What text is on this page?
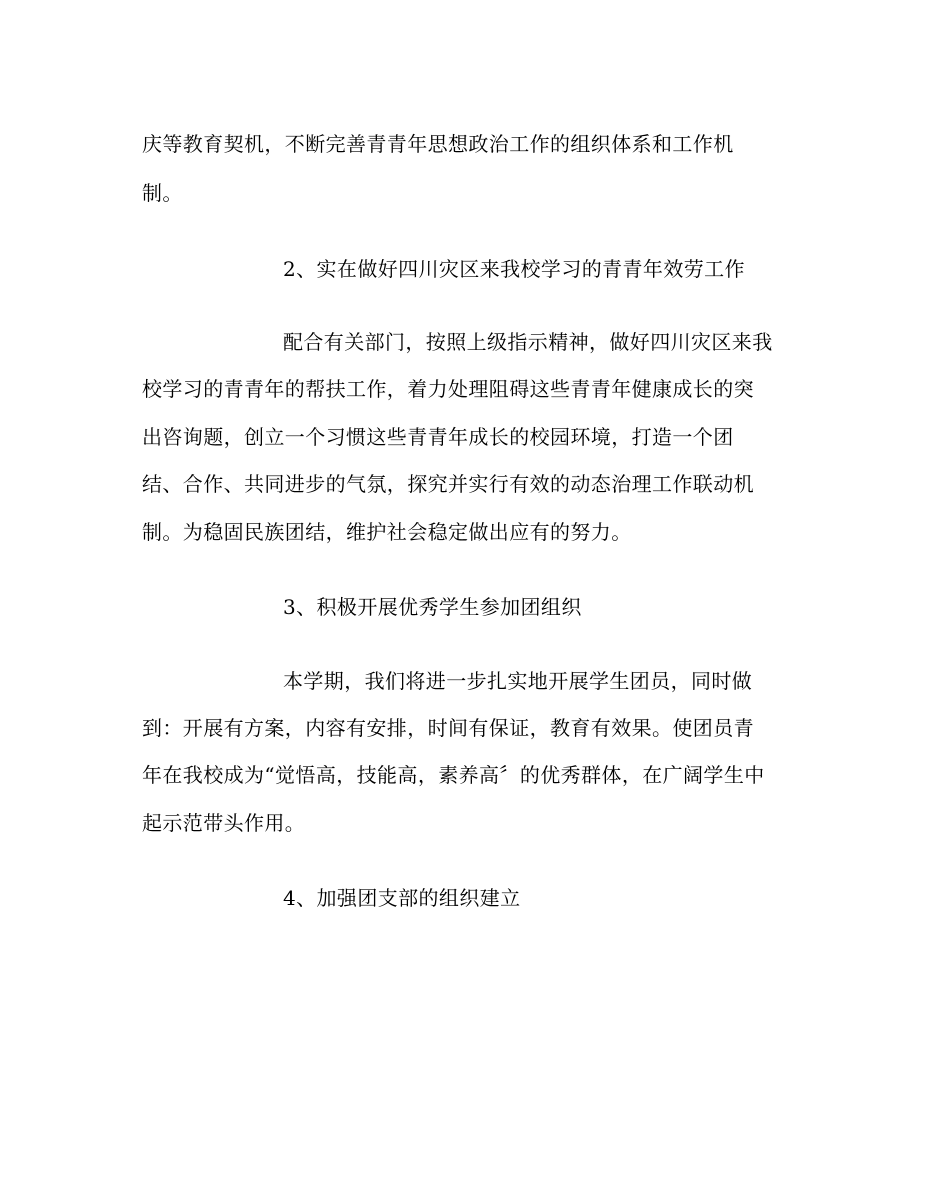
庆等教育契机，不断完善青青年思想政治工作的组织体系和工作机
制。
2、实在做好四川灾区来我校学习的青青年效劳工作
配合有关部门，按照上级指示精神，做好四川灾区来我
校学习的青青年的帮扶工作，着力处理阻碍这些青青年健康成长的突
出咨询题，创立一个习惯这些青青年成长的校园环境，打造一个团
结、合作、共同进步的气氛，探究并实行有效的动态治理工作联动机
制。为稳固民族团结，维护社会稳定做出应有的努力。
3、积极开展优秀学生参加团组织
本学期，我们将进一步扎实地开展学生团员，同时做
到：开展有方案，内容有安排，时间有保证，教育有效果。使团员青
年在我校成为“觉悟高，技能高，素养高〞的优秀群体，在广阔学生中
起示范带头作用。
4、加强团支部的组织建立
